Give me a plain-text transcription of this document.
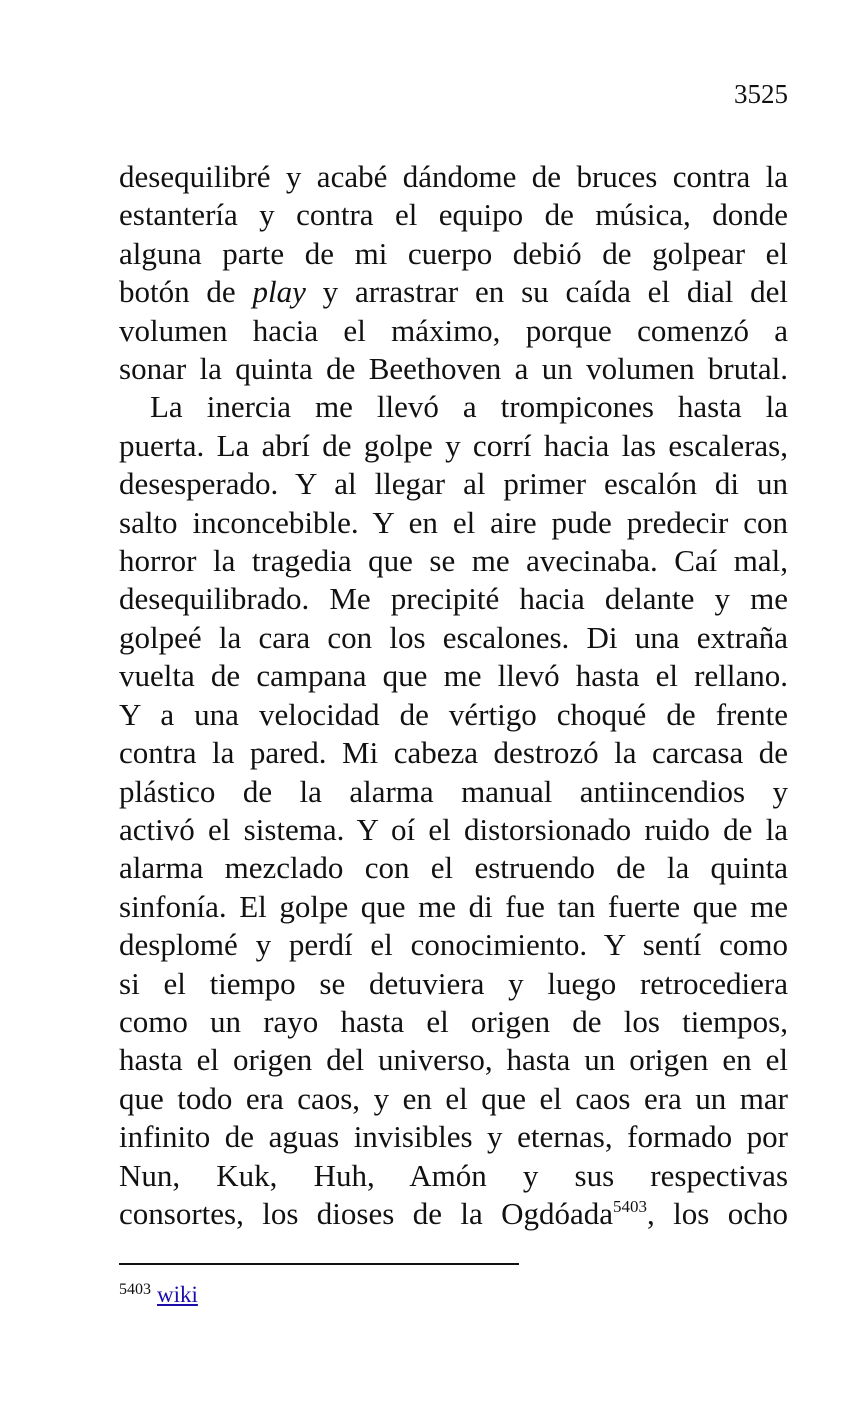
3525

desequilibré y acabé dándome de bruces contra la
estantería y contra el equipo de música, donde
alguna parte de mi cuerpo debió de golpear el
botón de play y arrastrar en su caída el dial del
volumen hacia el máximo, porque comenzó a
sonar la quinta de Beethoven a un volumen brutal.

La inercia me llevó a trompicones hasta la
puerta. La abrí de golpe y corrí hacia las escaleras,
desesperado. Y al llegar al primer escalón di un
salto inconcebible. Y en el aire pude predecir con
horror la tragedia que se me avecinaba. Caí mal,
desequilibrado. Me precipité hacia delante y me
golpeé la cara con los escalones. Di una extraña
vuelta de campana que me llevó hasta el rellano.
Y a una velocidad de vértigo choqué de frente
contra la pared. Mi cabeza destrozó la carcasa de
plástico de la alarma manual antiincendios y
activó el sistema. Y oí el distorsionado ruido de la
alarma mezclado con el estruendo de la quinta
sinfonía. El golpe que me di fue tan fuerte que me
desplomé y perdí el conocimiento. Y sentí como
si el tiempo se detuviera y luego retrocediera
como un rayo hasta el origen de los tiempos,
hasta el origen del universo, hasta un origen en el
que todo era caos, y en el que el caos era un mar
infinito de aguas invisibles y eternas, formado por
Nun, Kuk, Huh, Amón y sus respectivas
consortes, los dioses de la Ogdóada$^{5403}$, los ocho

$^{5403}$ wiki
